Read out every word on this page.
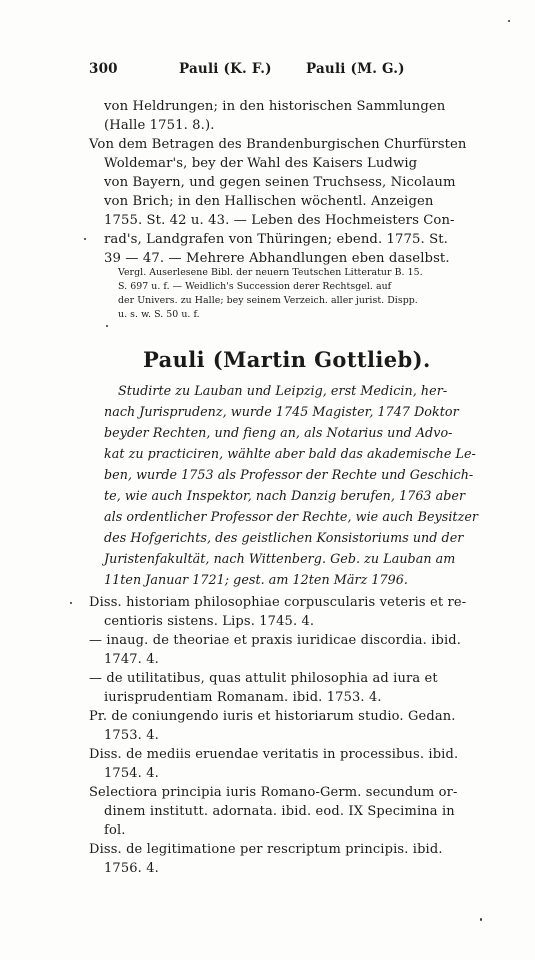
300	Pauli (K. F.)	Pauli (M. G.)
von Heldrungen; in den historischen Sammlungen
(Halle 1751. 8.).
Von dem Betragen des Brandenburgischen Churfürsten
Woldemar's, bey der Wahl des Kaisers Ludwig
von Bayern, und gegen seinen Truchsess, Nicolaum
von Brich; in den Hallischen wöchentl. Anzeigen
1755. St. 42 u. 43. — Leben des Hochmeisters Con-
rad's, Landgrafen von Thüringen; ebend. 1775. St.
39 — 47. — Mehrere Abhandlungen eben daselbst.
Vergl. Auserlesene Bibl. der neuern Teutschen Litteratur B. 15.
S. 697 u. f. — Weidlich's Succession derer Rechtsgel. auf
der Univers. zu Halle; bey seinem Verzeich. aller jurist. Dispp.
u. s. w. S. 50 u. f.
Pauli (Martin Gottlieb).
Studirte zu Lauban und Leipzig, erst Medicin, her-
nach Jurisprudenz, wurde 1745 Magister, 1747 Doktor
beyder Rechten, und fieng an, als Notarius und Advo-
kat zu practiciren, wählte aber bald das akademische Le-
ben, wurde 1753 als Professor der Rechte und Geschich-
te, wie auch Inspektor, nach Danzig berufen, 1763 aber
als ordentlicher Professor der Rechte, wie auch Beysitzer
des Hofgerichts, des geistlichen Konsistoriums und der
Juristenfakultät, nach Wittenberg. Geb. zu Lauban am
11ten Januar 1721; gest. am 12ten März 1796.
Diss. historiam philosophiae corpuscularis veteris et re-
centioris sistens. Lips. 1745. 4.
— inaug. de theoriae et praxis iuridicae discordia. ibid.
1747. 4.
— de utilitatibus, quas attulit philosophia ad iura et
iurisprudentiam Romanam. ibid. 1753. 4.
Pr. de coniungendo iuris et historiarum studio. Gedan.
1753. 4.
Diss. de mediis eruendae veritatis in processibus. ibid.
1754. 4.
Selectiora principia iuris Romano-Germ. secundum or-
dinem institutt. adornata. ibid. eod. IX Specimina in
fol.
Diss. de legitimatione per rescriptum principis. ibid.
1756. 4.
